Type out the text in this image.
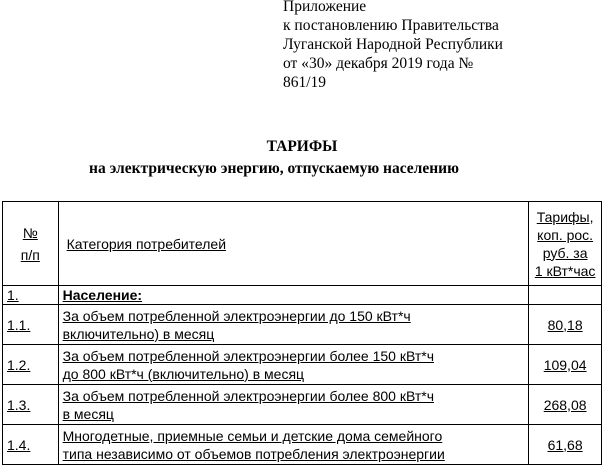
Приложение
к постановлению Правительства
Луганской Народной Республики
от «30» декабря 2019 года №
861/19
ТАРИФЫ
на электрическую энергию, отпускаемую населению
№
п/п	Категория потребителей	Тарифы,
коп. рос.
руб. за
1 кВт*час
1.	Население:	
1.1.	За объем потребленной электроэнергии до 150 кВт*ч
включительно) в месяц	80,18
1.2.	За объем потребленной электроэнергии более 150 кВт*ч
до 800 кВт*ч (включительно) в месяц	109,04
1.3.	За объем потребленной электроэнергии более 800 кВт*ч
в месяц	268,08
1.4.	Многодетные, приемные семьи и детские дома семейного
типа независимо от объемов потребления электроэнергии	61,68
